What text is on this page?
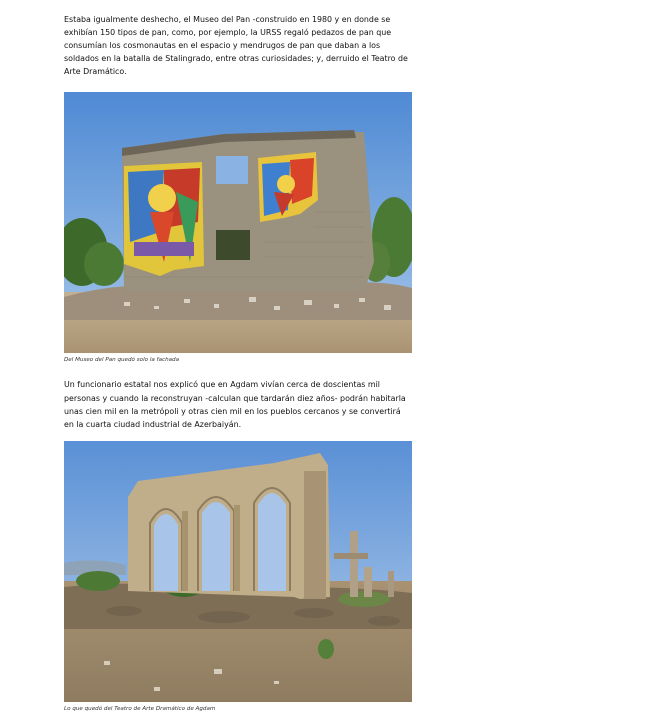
Estaba igualmente deshecho, el Museo del Pan -construido en 1980 y en donde se exhibían 150 tipos de pan, como, por ejemplo, la URSS regaló pedazos de pan que consumían los cosmonautas en el espacio y mendrugos de pan que daban a los soldados en la batalla de Stalingrado, entre otras curiosidades; y, derruido el Teatro de Arte Dramático.

Del Museo del Pan quedó solo la fachada

Un funcionario estatal nos explicó que en Agdam vivían cerca de doscientas mil personas y cuando la reconstruyan -calculan que tardarán diez años- podrán habitarla unas cien mil en la metrópoli y otras cien mil en los pueblos cercanos y se convertirá en la cuarta ciudad industrial de Azerbaiyán.

Lo que quedó del Teatro de Arte Dramático de Agdam
